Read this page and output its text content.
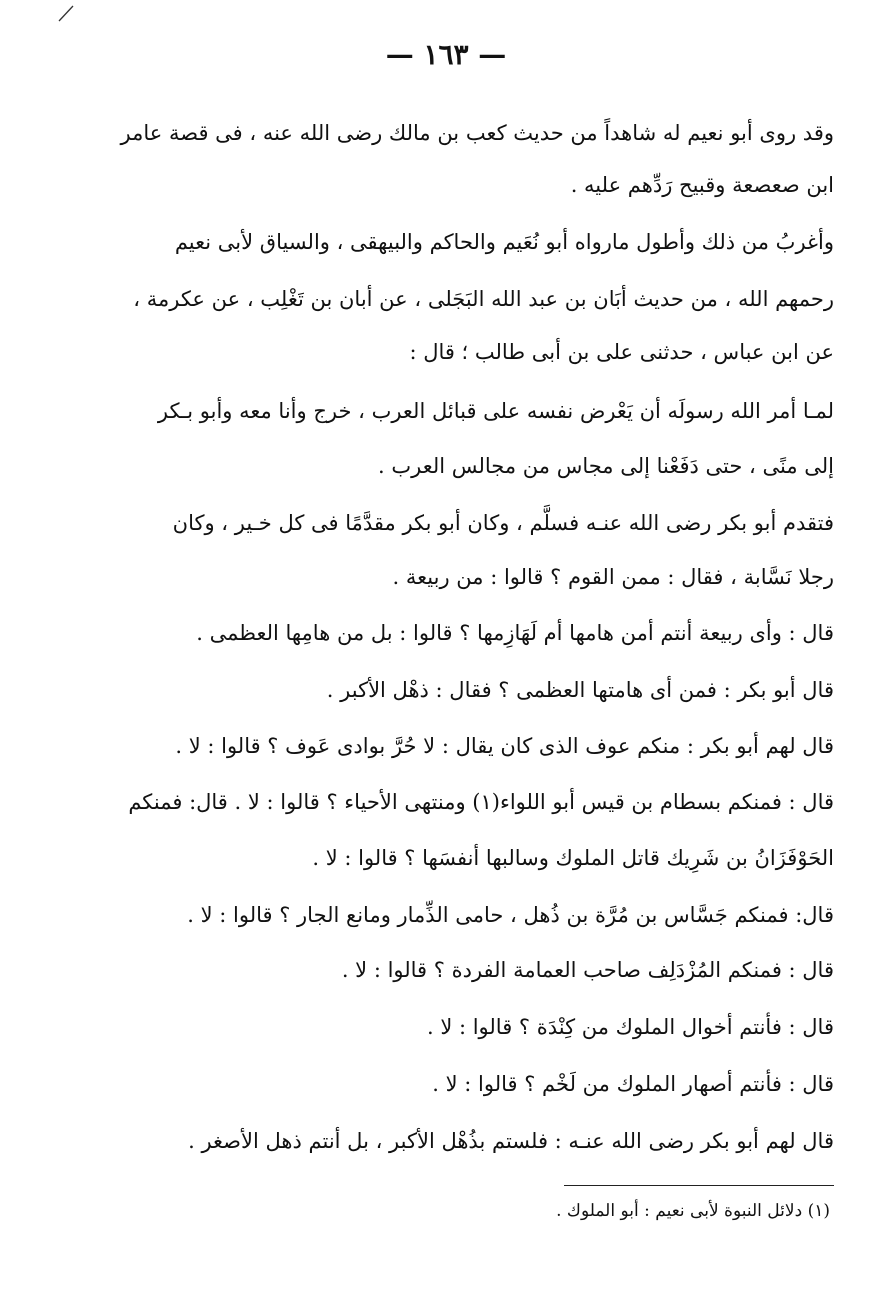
— ١٦٣ —
وقد روى أبو نعيم له شاهداً من حديث كعب بن مالك رضى الله عنه ، فى قصة عامر
ابن صعصعة وقبيح رَدِّهم عليه .
وأغربُ من ذلك وأطول مارواه أبو نُعَيم والحاكم والبيهقى ، والسياق لأبى نعيم
رحمهم الله ، من حديث أبَان بن عبد الله البَجَلى ، عن أبان بن تَغْلِب ، عن عكرمة ،
عن ابن عباس ، حدثنى على بن أبى طالب ؛ قال :
لمـا أمر الله رسولَه أن يَعْرض نفسه على قبائل العرب ، خرج وأنا معه وأبو بـكر
إلى منًى ، حتى دَفَعْنا إلى مجاس من مجالس العرب .
فتقدم أبو بكر رضى الله عنـه فسلَّم ، وكان أبو بكر مقدَّمًا فى كل خـير ، وكان
رجلا نَسَّابة ، فقال : ممن القوم ؟ قالوا : من ربيعة .
قال : وأى ربيعة أنتم أمن هامها أم لَهَازِمها ؟ قالوا : بل من هامِها العظمى .
قال أبو بكر : فمن أى هامتها العظمى ؟ فقال : ذهْل الأكبر .
قال لهم أبو بكر : منكم عوف الذى كان يقال : لا حُرَّ بوادى عَوف ؟ قالوا : لا .
قال : فمنكم بسطام بن قيس أبو اللواء(١) ومنتهى الأحياء ؟ قالوا : لا . قال: فمنكم
الحَوْفَزَانُ بن شَرِيك قاتل الملوك وسالبها أنفسَها ؟ قالوا : لا .
قال: فمنكم جَسَّاس بن مُرَّة بن ذُهل ، حامى الذِّمار ومانع الجار ؟ قالوا : لا .
قال : فمنكم المُزْدَلِف صاحب العمامة الفردة ؟ قالوا : لا .
قال : فأنتم أخوال الملوك من كِنْدَة ؟ قالوا : لا .
قال : فأنتم أصهار الملوك من لَخْم ؟ قالوا : لا .
قال لهم أبو بكر رضى الله عنـه : فلستم بذُهْل الأكبر ، بل أنتم ذهل الأصغر .
(١) دلائل النبوة لأبى نعيم : أبو الملوك .
